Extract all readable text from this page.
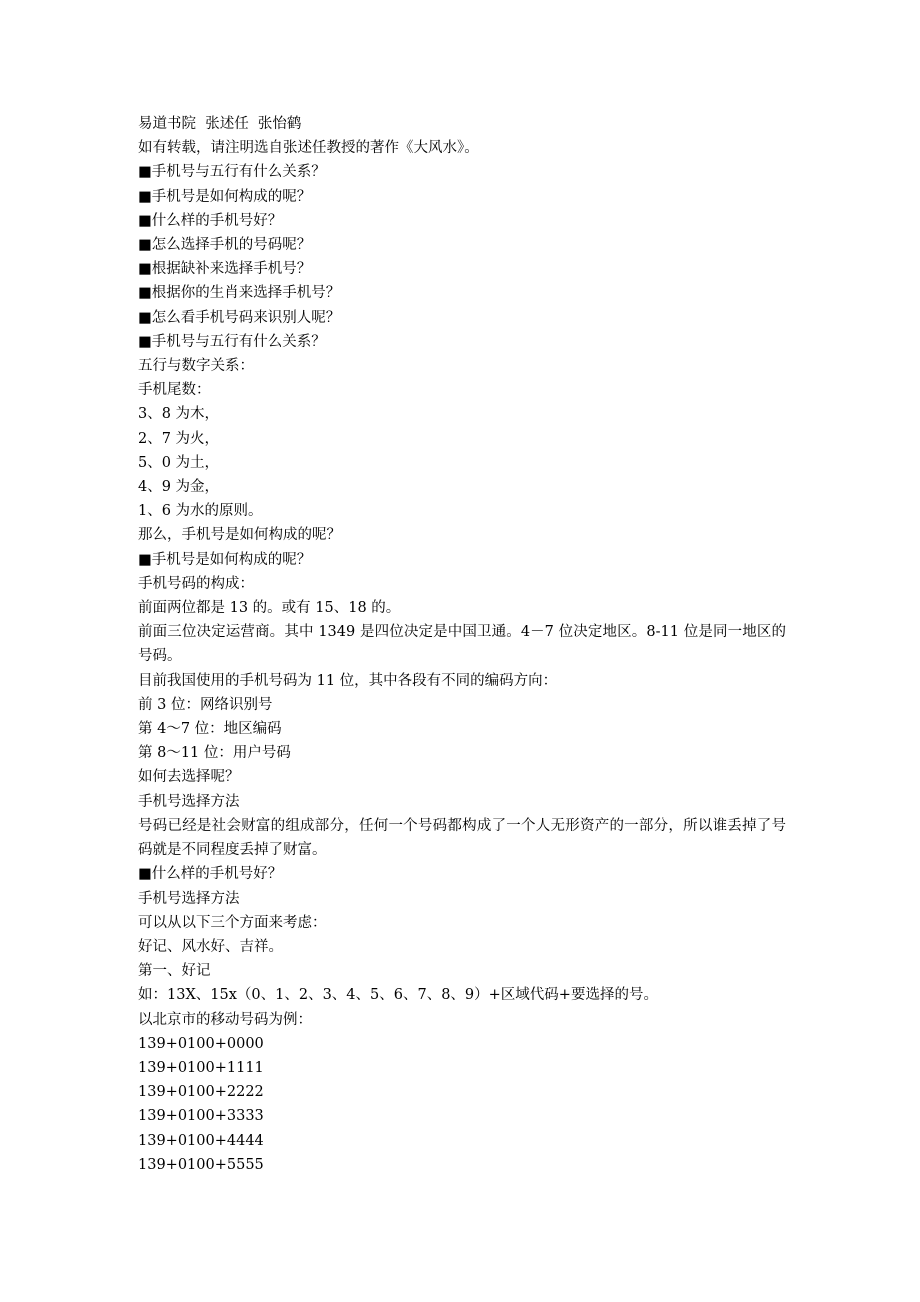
易道书院  张述任  张怡鹤

如有转载，请注明选自张述任教授的著作《大风水》。

■手机号与五行有什么关系？

■手机号是如何构成的呢？

■什么样的手机号好？

■怎么选择手机的号码呢？

■根据缺补来选择手机号？

■根据你的生肖来选择手机号？

■怎么看手机号码来识别人呢？

■手机号与五行有什么关系？

五行与数字关系：

手机尾数：

3、8 为木，

2、7 为火，

5、0 为土，

4、9 为金，

1、6 为水的原则。

那么，手机号是如何构成的呢？

■手机号是如何构成的呢？

手机号码的构成：

前面两位都是 13 的。或有 15、18 的。

前面三位决定运营商。其中 1349 是四位决定是中国卫通。4－7 位决定地区。8-11 位是同一地区的号码。

目前我国使用的手机号码为 11 位，其中各段有不同的编码方向：

前 3 位：网络识别号

第 4～7 位：地区编码

第 8～11 位：用户号码

如何去选择呢？

手机号选择方法

号码已经是社会财富的组成部分，任何一个号码都构成了一个人无形资产的一部分，所以谁丢掉了号码就是不同程度丢掉了财富。

■什么样的手机号好？

手机号选择方法

可以从以下三个方面来考虑：

好记、风水好、吉祥。

第一、好记

如：13X、15x（0、1、2、3、4、5、6、7、8、9）+区域代码+要选择的号。

以北京市的移动号码为例：

139+0100+0000

139+0100+1111

139+0100+2222

139+0100+3333

139+0100+4444

139+0100+5555
